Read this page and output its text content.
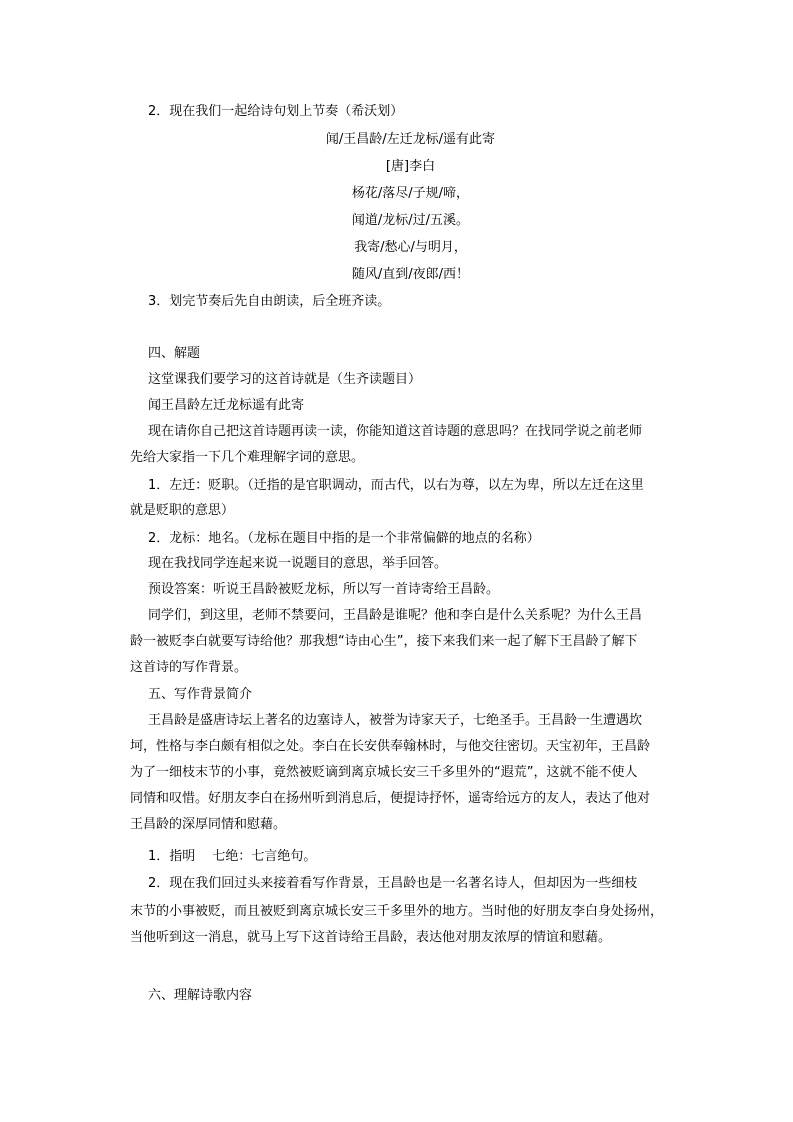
2．现在我们一起给诗句划上节奏（希沃划）
闻/王昌龄/左迁龙标/遥有此寄
[唐]李白
杨花/落尽/子规/啼，
闻道/龙标/过/五溪。
我寄/愁心/与明月，
随风/直到/夜郎/西！
3．划完节奏后先自由朗读，后全班齐读。
四、解题
这堂课我们要学习的这首诗就是（生齐读题目）
闻王昌龄左迁龙标遥有此寄
现在请你自己把这首诗题再读一读，你能知道这首诗题的意思吗？在找同学说之前老师
先给大家指一下几个难理解字词的意思。
1．左迁：贬职。（迁指的是官职调动，而古代，以右为尊，以左为卑，所以左迁在这里
就是贬职的意思）
2．龙标：地名。（龙标在题目中指的是一个非常偏僻的地点的名称）
现在我找同学连起来说一说题目的意思，举手回答。
预设答案：听说王昌龄被贬龙标，所以写一首诗寄给王昌龄。
同学们，到这里，老师不禁要问，王昌龄是谁呢？他和李白是什么关系呢？为什么王昌
龄一被贬李白就要写诗给他？那我想“诗由心生”，接下来我们来一起了解下王昌龄了解下
这首诗的写作背景。
五、写作背景简介
王昌龄是盛唐诗坛上著名的边塞诗人，被誉为诗家天子，七绝圣手。王昌龄一生遭遇坎
坷，性格与李白颇有相似之处。李白在长安供奉翰林时，与他交往密切。天宝初年，王昌龄
为了一细枝末节的小事，竟然被贬谪到离京城长安三千多里外的“遐荒”，这就不能不使人
同情和叹惜。好朋友李白在扬州听到消息后，便提诗抒怀，遥寄给远方的友人，表达了他对
王昌龄的深厚同情和慰藉。
1．指明　 七绝：七言绝句。
2．现在我们回过头来接着看写作背景，王昌龄也是一名著名诗人，但却因为一些细枝
末节的小事被贬，而且被贬到离京城长安三千多里外的地方。当时他的好朋友李白身处扬州，
当他听到这一消息，就马上写下这首诗给王昌龄，表达他对朋友浓厚的情谊和慰藉。
六、理解诗歌内容
